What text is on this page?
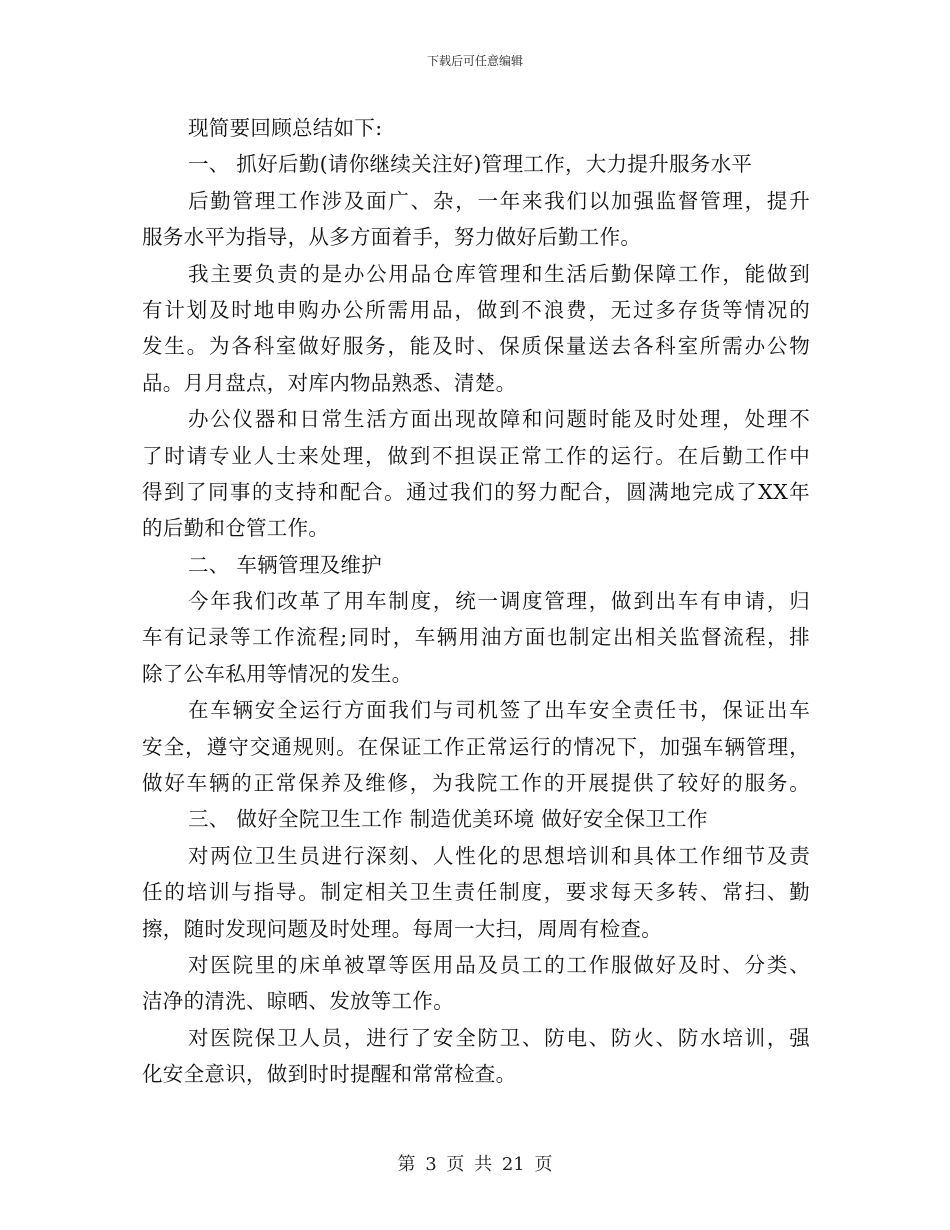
下载后可任意编辑
现简要回顾总结如下:
一、 抓好后勤(请你继续关注好)管理工作，大力提升服务水平
后勤管理工作涉及面广、杂，一年来我们以加强监督管理，提升
服务水平为指导，从多方面着手，努力做好后勤工作。
我主要负责的是办公用品仓库管理和生活后勤保障工作，能做到
有计划及时地申购办公所需用品，做到不浪费，无过多存货等情况的
发生。为各科室做好服务，能及时、保质保量送去各科室所需办公物
品。月月盘点，对库内物品熟悉、清楚。
办公仪器和日常生活方面出现故障和问题时能及时处理，处理不
了时请专业人士来处理，做到不担误正常工作的运行。在后勤工作中
得到了同事的支持和配合。通过我们的努力配合，圆满地完成了XX年
的后勤和仓管工作。
二、 车辆管理及维护
今年我们改革了用车制度，统一调度管理，做到出车有申请，归
车有记录等工作流程;同时，车辆用油方面也制定出相关监督流程，排
除了公车私用等情况的发生。
在车辆安全运行方面我们与司机签了出车安全责任书，保证出车
安全，遵守交通规则。在保证工作正常运行的情况下，加强车辆管理，
做好车辆的正常保养及维修，为我院工作的开展提供了较好的服务。
三、 做好全院卫生工作 制造优美环境 做好安全保卫工作
对两位卫生员进行深刻、人性化的思想培训和具体工作细节及责
任的培训与指导。制定相关卫生责任制度，要求每天多转、常扫、勤
擦，随时发现问题及时处理。每周一大扫，周周有检查。
对医院里的床单被罩等医用品及员工的工作服做好及时、分类、
洁净的清洗、晾晒、发放等工作。
对医院保卫人员，进行了安全防卫、防电、防火、防水培训，强
化安全意识，做到时时提醒和常常检查。
第 3 页 共 21 页
